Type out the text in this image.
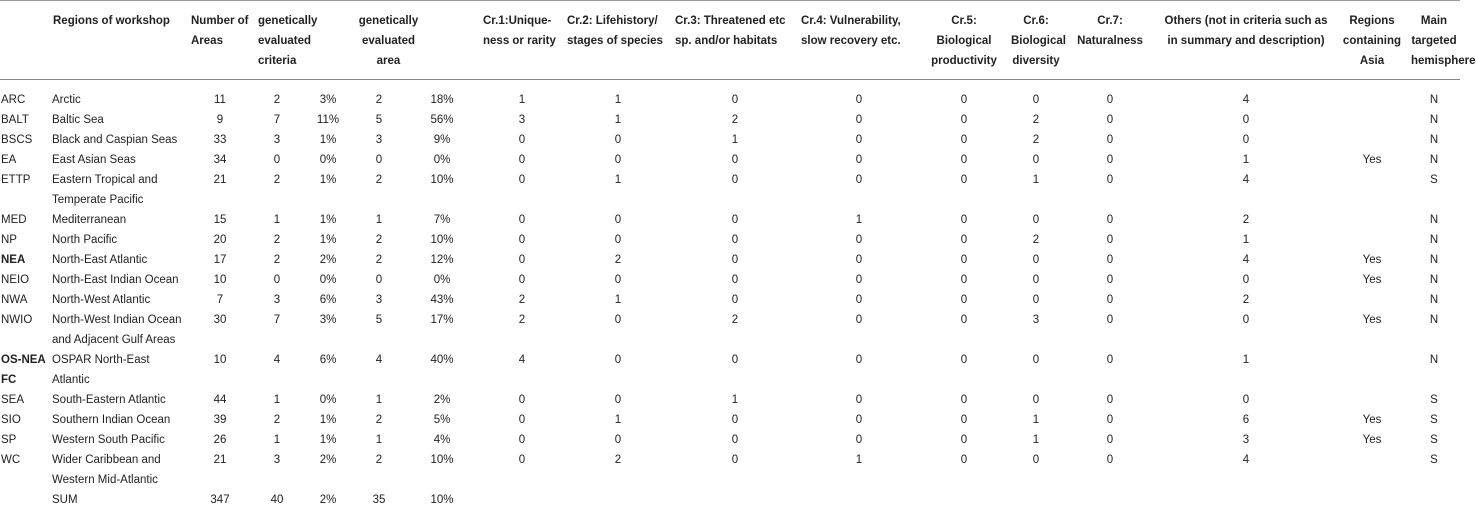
	Regions of workshop	Number of Areas	genetically evaluated criteria		genetically evaluated area		Cr.1:Unique-ness or rarity	Cr.2: Lifehistory/ stages of species	Cr.3: Threatened etc sp. and/or habitats	Cr.4: Vulnerability, slow recovery etc.	Cr.5: Biological productivity	Cr.6: Biological diversity	Cr.7: Naturalness	Others (not in criteria such as in summary and description)	Regions containing Asia	Main targeted hemisphere
ARC	Arctic	11	2	3%	2	18%	1	1	0	0	0	0	0	4		N
BALT	Baltic Sea	9	7	11%	5	56%	3	1	2	0	0	2	0	0		N
BSCS	Black and Caspian Seas	33	3	1%	3	9%	0	0	1	0	0	2	0	0		N
EA	East Asian Seas	34	0	0%	0	0%	0	0	0	0	0	0	0	1	Yes	N
ETTP	Eastern Tropical and Temperate Pacific	21	2	1%	2	10%	0	1	0	0	0	1	0	4		S
MED	Mediterranean	15	1	1%	1	7%	0	0	0	1	0	0	0	2		N
NP	North Pacific	20	2	1%	2	10%	0	0	0	0	0	2	0	1		N
NEA	North-East Atlantic	17	2	2%	2	12%	0	2	0	0	0	0	0	4	Yes	N
NEIO	North-East Indian Ocean	10	0	0%	0	0%	0	0	0	0	0	0	0	0	Yes	N
NWA	North-West Atlantic	7	3	6%	3	43%	2	1	0	0	0	0	0	2		N
NWIO	North-West Indian Ocean and Adjacent Gulf Areas	30	7	3%	5	17%	2	0	2	0	0	3	0	0	Yes	N
OS-NEAFC	OSPAR North-East Atlantic	10	4	6%	4	40%	4	0	0	0	0	0	0	1		N
SEA	South-Eastern Atlantic	44	1	0%	1	2%	0	0	1	0	0	0	0	0		S
SIO	Southern Indian Ocean	39	2	1%	2	5%	0	1	0	0	0	1	0	6	Yes	S
SP	Western South Pacific	26	1	1%	1	4%	0	0	0	0	0	1	0	3	Yes	S
WC	Wider Caribbean and Western Mid-Atlantic	21	3	2%	2	10%	0	2	0	1	0	0	0	4		S
	SUM	347	40	2%	35	10%										
